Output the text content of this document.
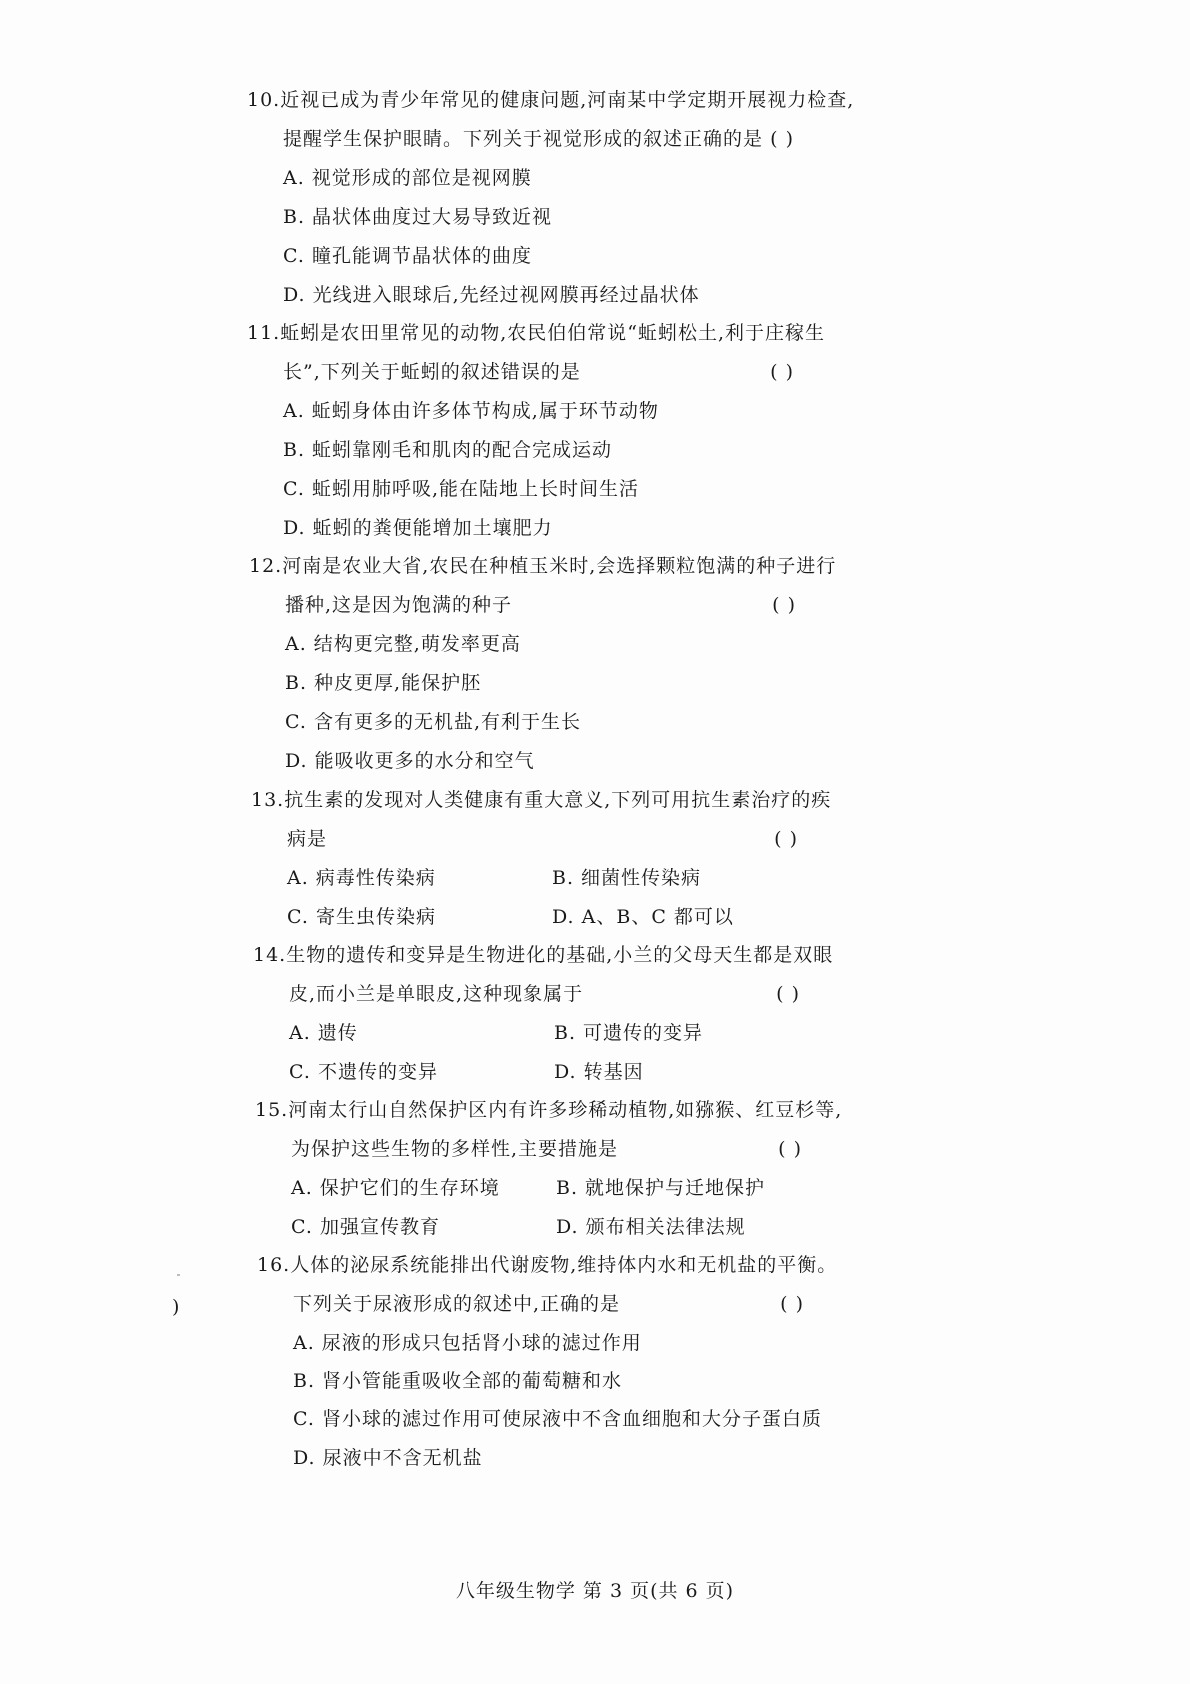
10.近视已成为青少年常见的健康问题,河南某中学定期开展视力检查,
提醒学生保护眼睛。下列关于视觉形成的叙述正确的是 ( )
A. 视觉形成的部位是视网膜
B. 晶状体曲度过大易导致近视
C. 瞳孔能调节晶状体的曲度
D. 光线进入眼球后,先经过视网膜再经过晶状体
11.蚯蚓是农田里常见的动物,农民伯伯常说“蚯蚓松土,利于庄稼生
长”,下列关于蚯蚓的叙述错误的是	( )
A. 蚯蚓身体由许多体节构成,属于环节动物
B. 蚯蚓靠刚毛和肌肉的配合完成运动
C. 蚯蚓用肺呼吸,能在陆地上长时间生活
D. 蚯蚓的粪便能增加土壤肥力
12.河南是农业大省,农民在种植玉米时,会选择颗粒饱满的种子进行
播种,这是因为饱满的种子	( )
A. 结构更完整,萌发率更高
B. 种皮更厚,能保护胚
C. 含有更多的无机盐,有利于生长
D. 能吸收更多的水分和空气
13.抗生素的发现对人类健康有重大意义,下列可用抗生素治疗的疾
病是	( )
A. 病毒性传染病	B. 细菌性传染病
C. 寄生虫传染病	D. A、B、C 都可以
14.生物的遗传和变异是生物进化的基础,小兰的父母天生都是双眼
皮,而小兰是单眼皮,这种现象属于	( )
A. 遗传	B. 可遗传的变异
C. 不遗传的变异	D. 转基因
15.河南太行山自然保护区内有许多珍稀动植物,如猕猴、红豆杉等,
为保护这些生物的多样性,主要措施是	( )
A. 保护它们的生存环境	B. 就地保护与迁地保护
C. 加强宣传教育	D. 颁布相关法律法规
16.人体的泌尿系统能排出代谢废物,维持体内水和无机盐的平衡。
下列关于尿液形成的叙述中,正确的是	( )
A. 尿液的形成只包括肾小球的滤过作用
B. 肾小管能重吸收全部的葡萄糖和水
C. 肾小球的滤过作用可使尿液中不含血细胞和大分子蛋白质
D. 尿液中不含无机盐
)
八年级生物学 第 3 页(共 6 页)
